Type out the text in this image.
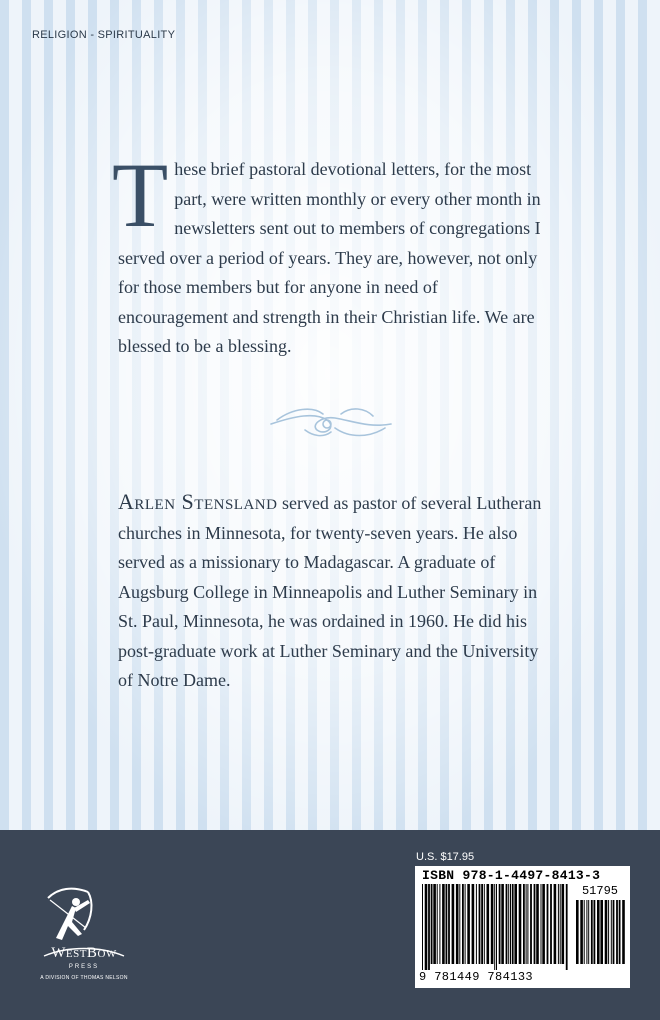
RELIGION - SPIRITUALITY
These brief pastoral devotional letters, for the most part, were written monthly or every other month in newsletters sent out to members of congregations I served over a period of years. They are, however, not only for those members but for anyone in need of encouragement and strength in their Christian life. We are blessed to be a blessing.
Arlen Stensland served as pastor of several Lutheran churches in Minnesota, for twenty-seven years. He also served as a missionary to Madagascar. A graduate of Augsburg College in Minneapolis and Luther Seminary in St. Paul, Minnesota, he was ordained in 1960. He did his post-graduate work at Luther Seminary and the University of Notre Dame.
WestBow
PRESS
A DIVISION OF THOMAS NELSON
U.S. $17.95
ISBN 978-1-4497-8413-3
51795
9 781449 784133
